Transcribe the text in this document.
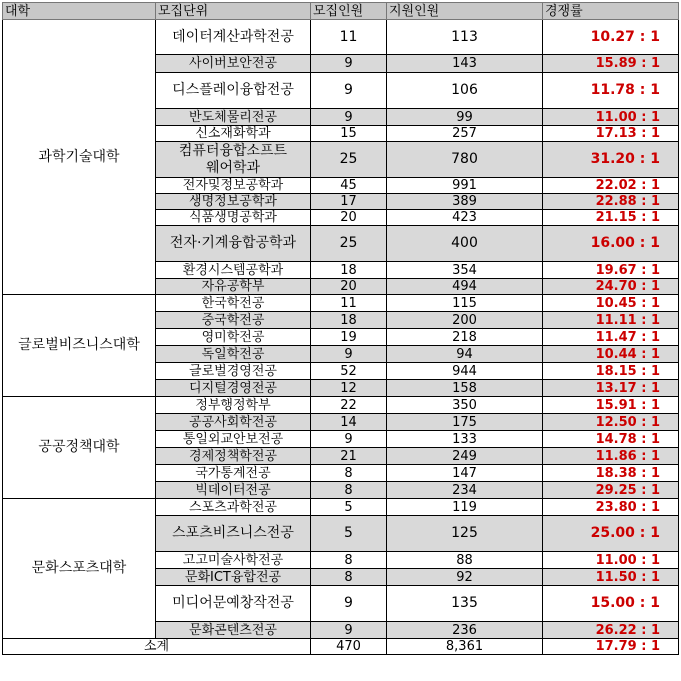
대학	모집단위	모집인원	지원인원	경쟁률
과학기술대학	데이터계산과학전공	11	113	10.27 : 1
	사이버보안전공	9	143	15.89 : 1
	디스플레이융합전공	9	106	11.78 : 1
	반도체물리전공	9	99	11.00 : 1
	신소재화학과	15	257	17.13 : 1
	컴퓨터융합소프트웨어학과	25	780	31.20 : 1
	전자및정보공학과	45	991	22.02 : 1
	생명정보공학과	17	389	22.88 : 1
	식품생명공학과	20	423	21.15 : 1
	전자·기계융합공학과	25	400	16.00 : 1
	환경시스템공학과	18	354	19.67 : 1
	자유공학부	20	494	24.70 : 1
글로벌비즈니스대학	한국학전공	11	115	10.45 : 1
	중국학전공	18	200	11.11 : 1
	영미학전공	19	218	11.47 : 1
	독일학전공	9	94	10.44 : 1
	글로벌경영전공	52	944	18.15 : 1
	디지털경영전공	12	158	13.17 : 1
공공정책대학	정부행정학부	22	350	15.91 : 1
	공공사회학전공	14	175	12.50 : 1
	통일외교안보전공	9	133	14.78 : 1
	경제정책학전공	21	249	11.86 : 1
	국가통계전공	8	147	18.38 : 1
	빅데이터전공	8	234	29.25 : 1
문화스포츠대학	스포츠과학전공	5	119	23.80 : 1
	스포츠비즈니스전공	5	125	25.00 : 1
	고고미술사학전공	8	88	11.00 : 1
	문화ICT융합전공	8	92	11.50 : 1
	미디어문예창작전공	9	135	15.00 : 1
	문화콘텐츠전공	9	236	26.22 : 1
소계		470	8,361	17.79 : 1
